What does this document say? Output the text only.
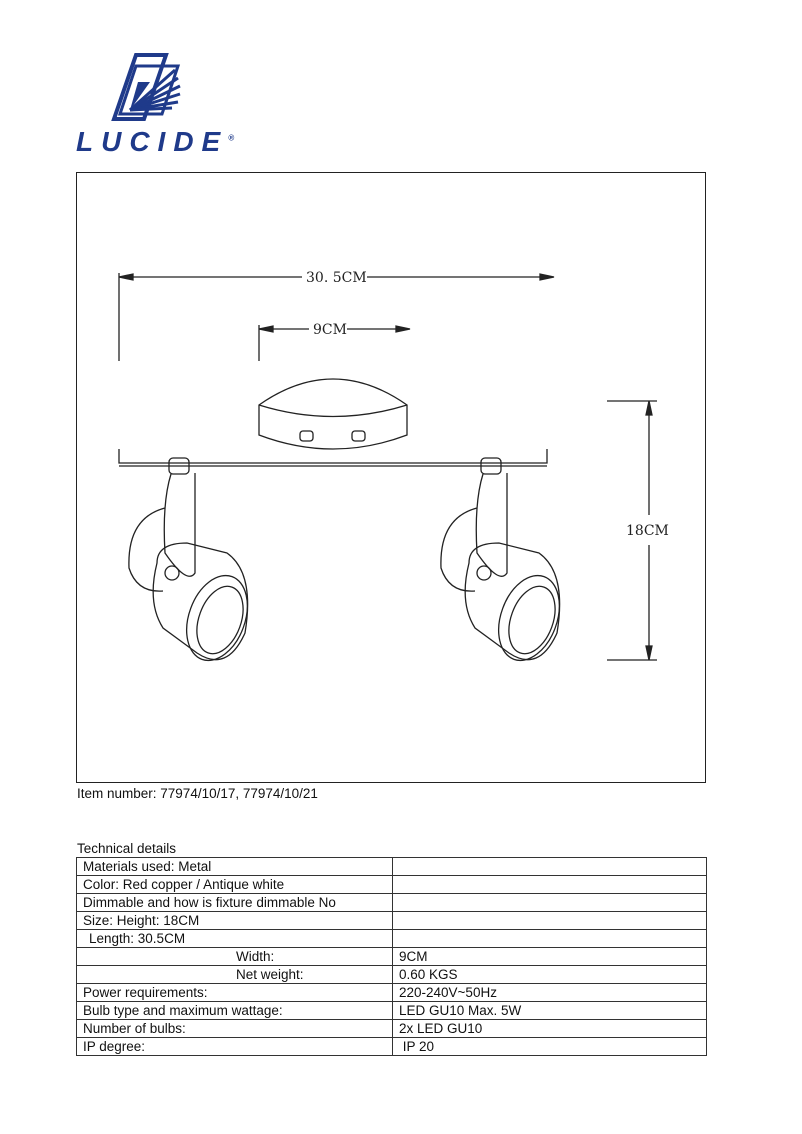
LUCIDE®
30. 5CM
9CM
18CM
Item number: 77974/10/17, 77974/10/21
Technical details
Materials used: Metal	
Color: Red copper / Antique white	
Dimmable and how is fixture dimmable No	
Size: Height: 18CM	
Length: 30.5CM	
Width:	9CM
Net weight:	0.60 KGS
Power requirements:	220-240V~50Hz
Bulb type and maximum wattage:	LED GU10 Max. 5W
Number of bulbs:	2x LED GU10
IP degree:	IP 20
